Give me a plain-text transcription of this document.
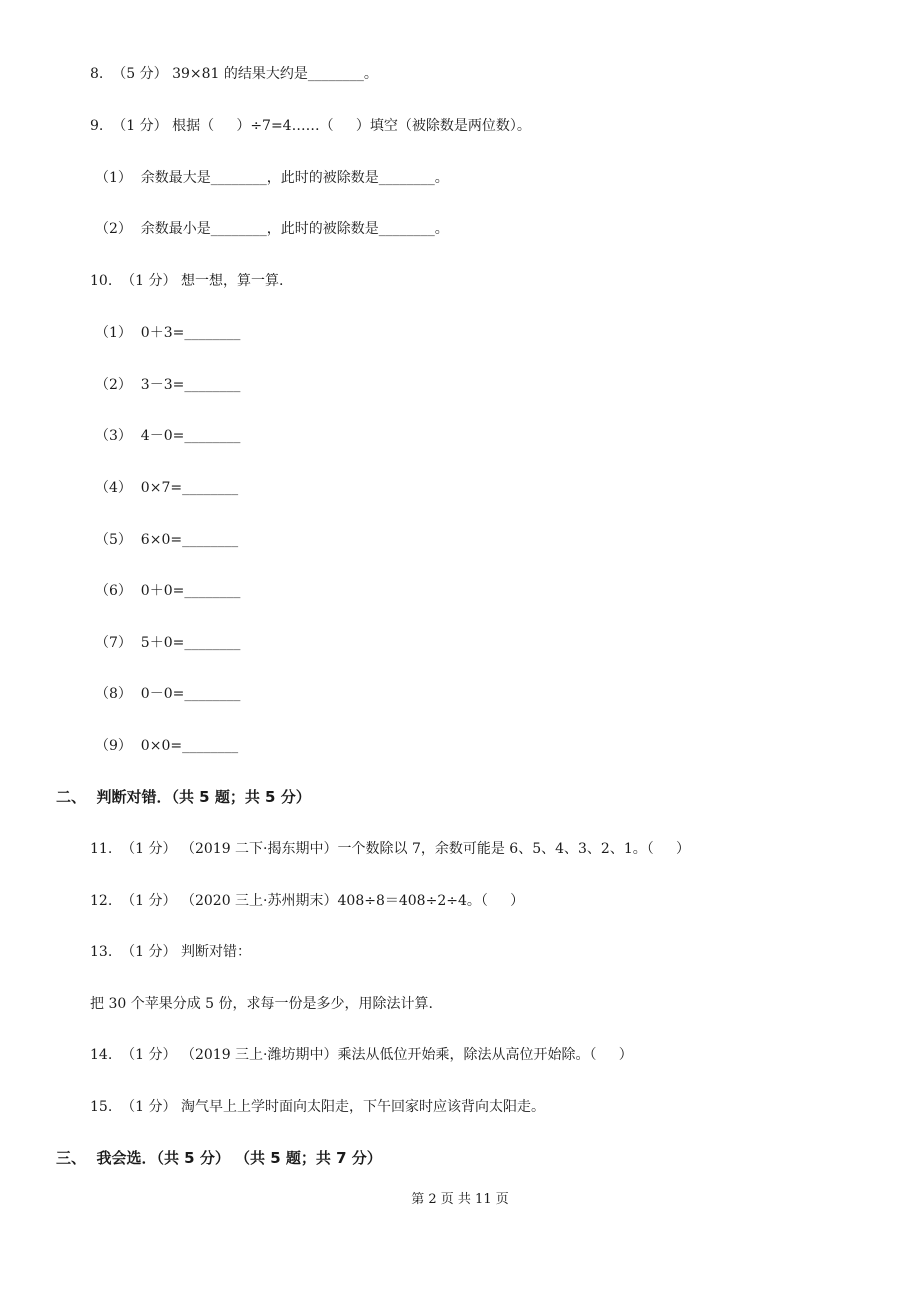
8.  （5 分） 39×81 的结果大约是________。
9.  （1 分） 根据（     ）÷7=4……（     ）填空（被除数是两位数）。
（1）  余数最大是________，此时的被除数是________。
（2）  余数最小是________，此时的被除数是________。
10.  （1 分） 想一想，算一算.
（1）  0＋3=________
（2）  3－3=________
（3）  4－0=________
（4）  0×7=________
（5）  6×0=________
（6）  0＋0=________
（7）  5＋0=________
（8）  0－0=________
（9）  0×0=________
二、  判断对错．（共 5 题；共 5 分）
11.  （1 分） （2019 二下·揭东期中）一个数除以 7，余数可能是 6、5、4、3、2、1。（     ）
12.  （1 分） （2020 三上·苏州期末）408÷8＝408÷2÷4。（     ）
13.  （1 分） 判断对错：
把 30 个苹果分成 5 份，求每一份是多少，用除法计算.
14.  （1 分） （2019 三上·潍坊期中）乘法从低位开始乘，除法从高位开始除。（     ）
15.  （1 分） 淘气早上上学时面向太阳走，下午回家时应该背向太阳走。
三、  我会选．（共 5 分） （共 5 题；共 7 分）
第 2 页 共 11 页
